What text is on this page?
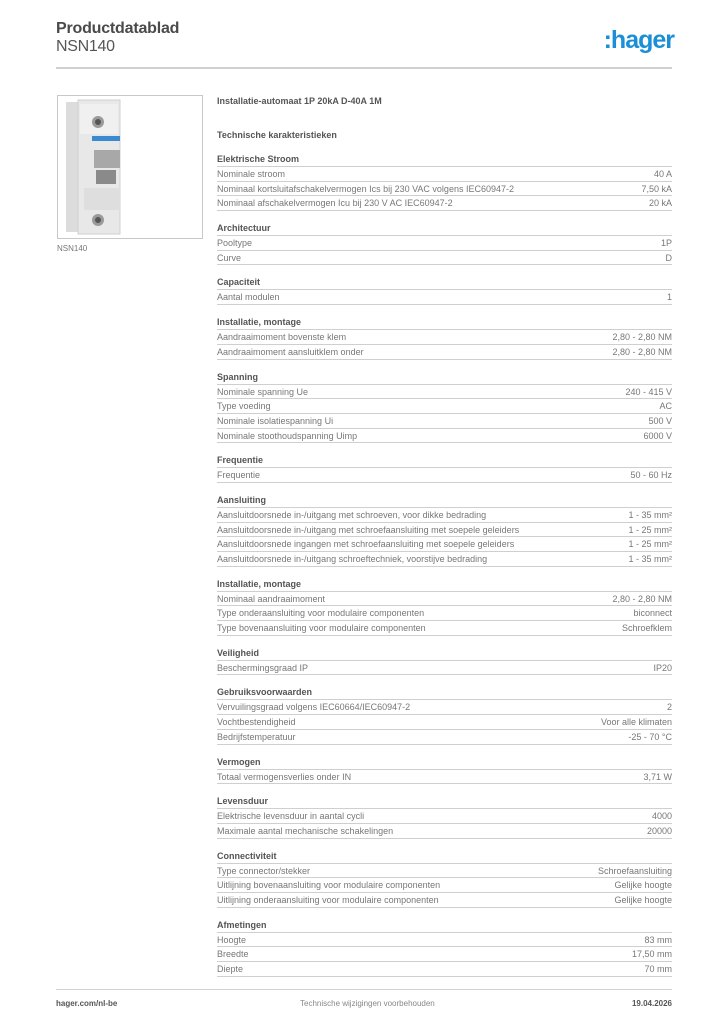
Productdatablad
NSN140	:hager
NSN140
Installatie-automaat 1P 20kA D-40A 1M
Technische karakteristieken
Elektrische Stroom
Nominale stroom	40 A
Nominaal kortsluitafschakelvermogen Ics bij 230 VAC volgens IEC60947-2	7,50 kA
Nominaal afschakelvermogen Icu bij 230 V AC IEC60947-2	20 kA
Architectuur
Pooltype	1P
Curve	D
Capaciteit
Aantal modulen	1
Installatie, montage
Aandraaimoment bovenste klem	2,80 - 2,80 NM
Aandraaimoment aansluitklem onder	2,80 - 2,80 NM
Spanning
Nominale spanning Ue	240 - 415 V
Type voeding	AC
Nominale isolatiespanning Ui	500 V
Nominale stoothoudspanning Uimp	6000 V
Frequentie
Frequentie	50 - 60 Hz
Aansluiting
Aansluitdoorsnede in-/uitgang met schroeven, voor dikke bedrading	1 - 35 mm²
Aansluitdoorsnede in-/uitgang met schroefaansluiting met soepele geleiders	1 - 25 mm²
Aansluitdoorsnede ingangen met schroefaansluiting met soepele geleiders	1 - 25 mm²
Aansluitdoorsnede in-/uitgang schroeftechniek, voorstijve bedrading	1 - 35 mm²
Installatie, montage
Nominaal aandraaimoment	2,80 - 2,80 NM
Type onderaansluiting voor modulaire componenten	biconnect
Type bovenaansluiting voor modulaire componenten	Schroefklem
Veiligheid
Beschermingsgraad IP	IP20
Gebruiksvoorwaarden
Vervuilingsgraad volgens IEC60664/IEC60947-2	2
Vochtbestendigheid	Voor alle klimaten
Bedrijfstemperatuur	-25 - 70 °C
Vermogen
Totaal vermogensverlies onder IN	3,71 W
Levensduur
Elektrische levensduur in aantal cycli	4000
Maximale aantal mechanische schakelingen	20000
Connectiviteit
Type connector/stekker	Schroefaansluiting
Uitlijning bovenaansluiting voor modulaire componenten	Gelijke hoogte
Uitlijning onderaansluiting voor modulaire componenten	Gelijke hoogte
Afmetingen
Hoogte	83 mm
Breedte	17,50 mm
Diepte	70 mm
hager.com/nl-be	Technische wijzigingen voorbehouden	19.04.2026
